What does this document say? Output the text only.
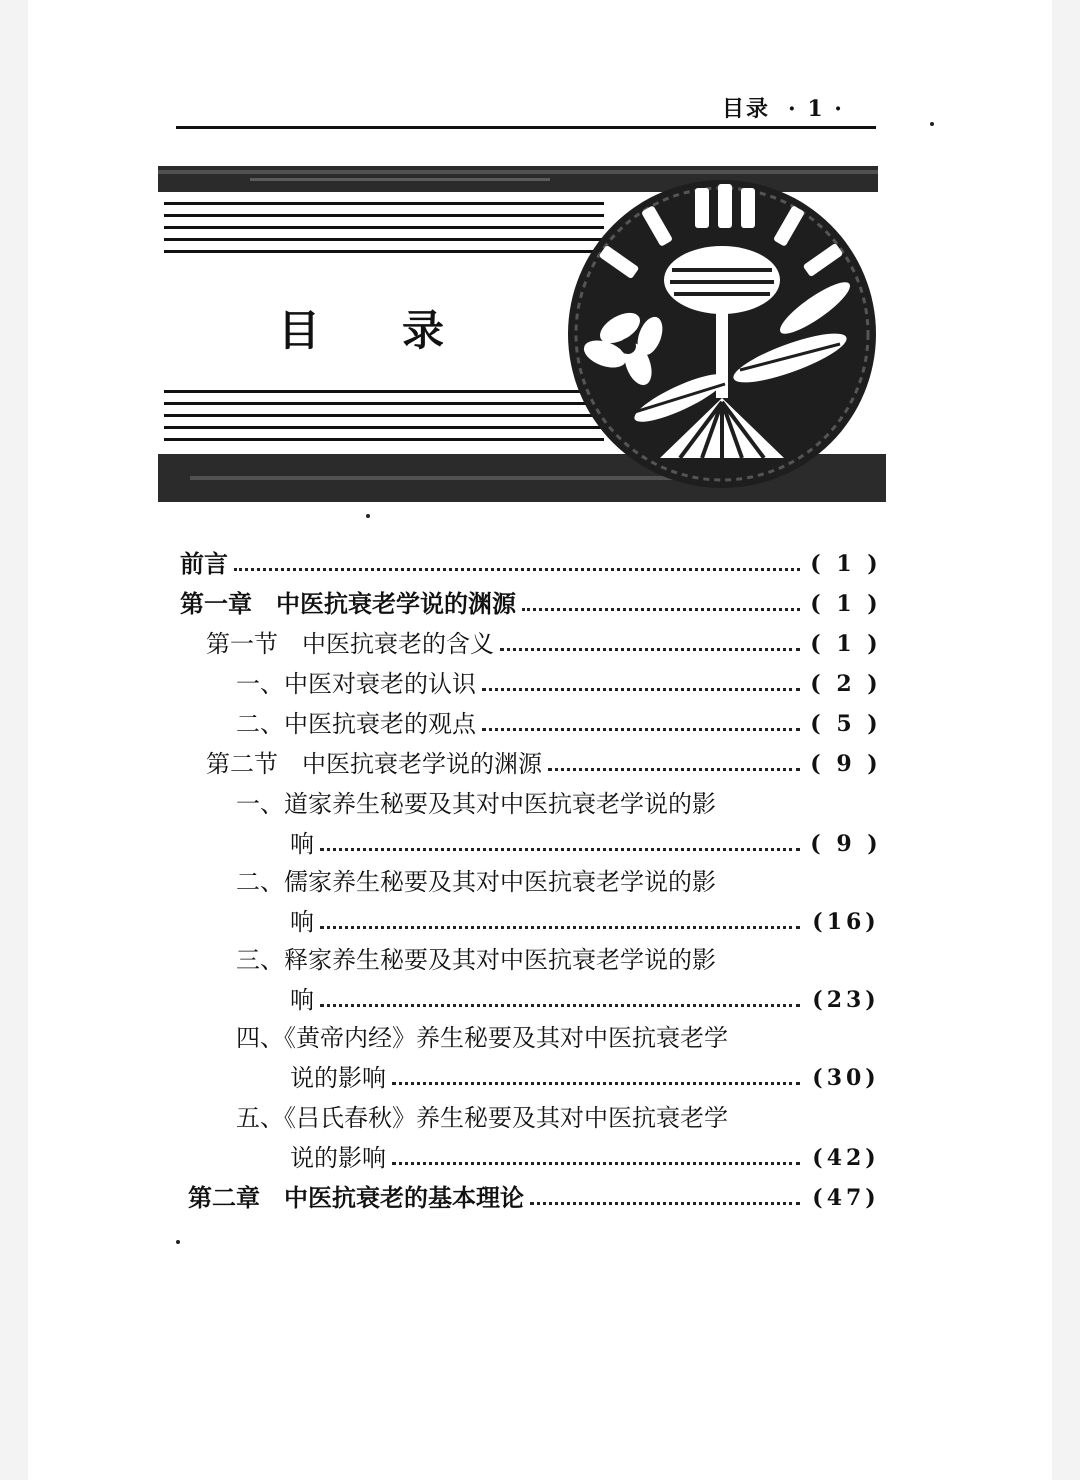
目录 · 1 ·
目 录
前言	( 1 )
第一章　中医抗衰老学说的渊源	( 1 )
第一节　中医抗衰老的含义	( 1 )
一、中医对衰老的认识	( 2 )
二、中医抗衰老的观点	( 5 )
第二节　中医抗衰老学说的渊源	( 9 )
一、道家养生秘要及其对中医抗衰老学说的影
响	( 9 )
二、儒家养生秘要及其对中医抗衰老学说的影
响	(16)
三、释家养生秘要及其对中医抗衰老学说的影
响	(23)
四、《黄帝内经》养生秘要及其对中医抗衰老学
说的影响	(30)
五、《吕氏春秋》养生秘要及其对中医抗衰老学
说的影响	(42)
第二章　中医抗衰老的基本理论	(47)
